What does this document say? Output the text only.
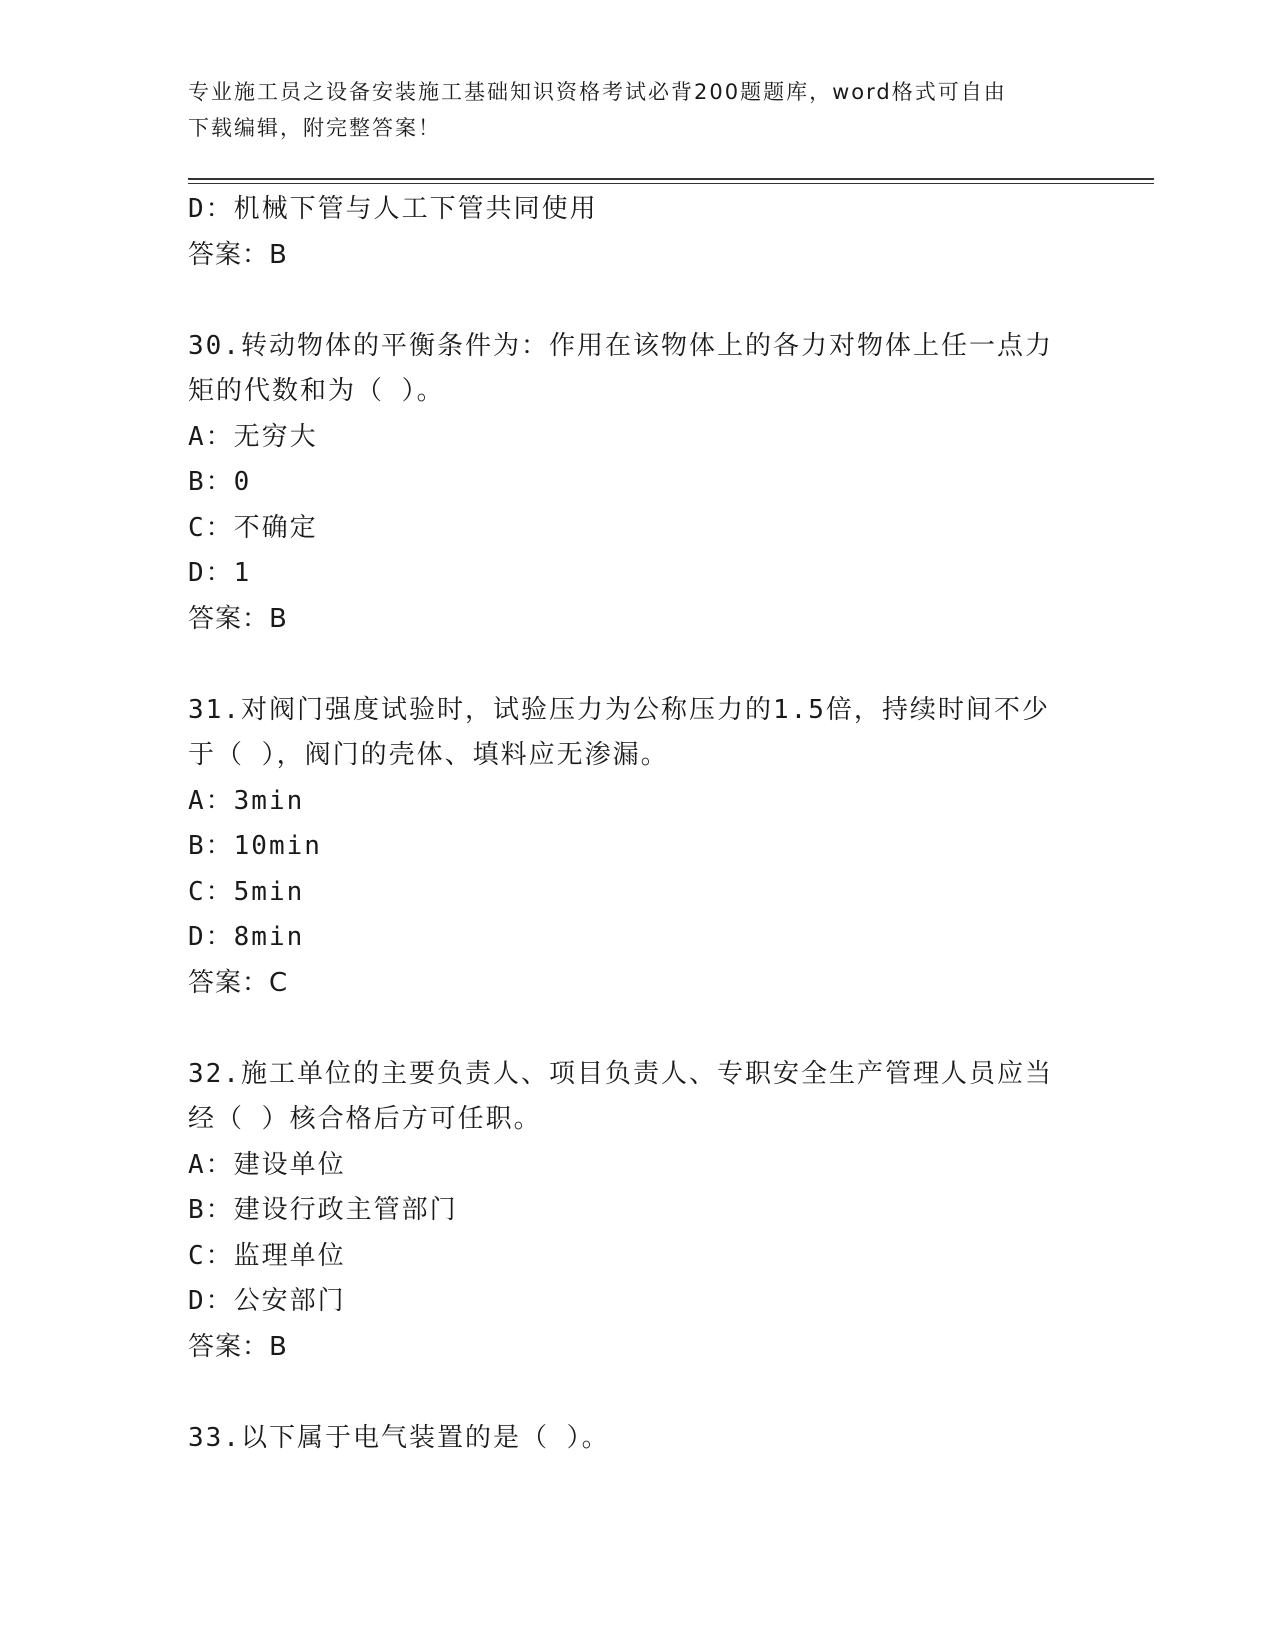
专业施工员之设备安装施工基础知识资格考试必背200题题库，word格式可自由
下载编辑，附完整答案！
D：机械下管与人工下管共同使用
答案：B
30.转动物体的平衡条件为：作用在该物体上的各力对物体上任一点力
矩的代数和为（ ）。
A：无穷大
B：0
C：不确定
D：1
答案：B
31.对阀门强度试验时，试验压力为公称压力的1.5倍，持续时间不少
于（ ），阀门的壳体、填料应无渗漏。
A：3min
B：10min
C：5min
D：8min
答案：C
32.施工单位的主要负责人、项目负责人、专职安全生产管理人员应当
经（ ）核合格后方可任职。
A：建设单位
B：建设行政主管部门
C：监理单位
D：公安部门
答案：B
33.以下属于电气装置的是（ ）。
